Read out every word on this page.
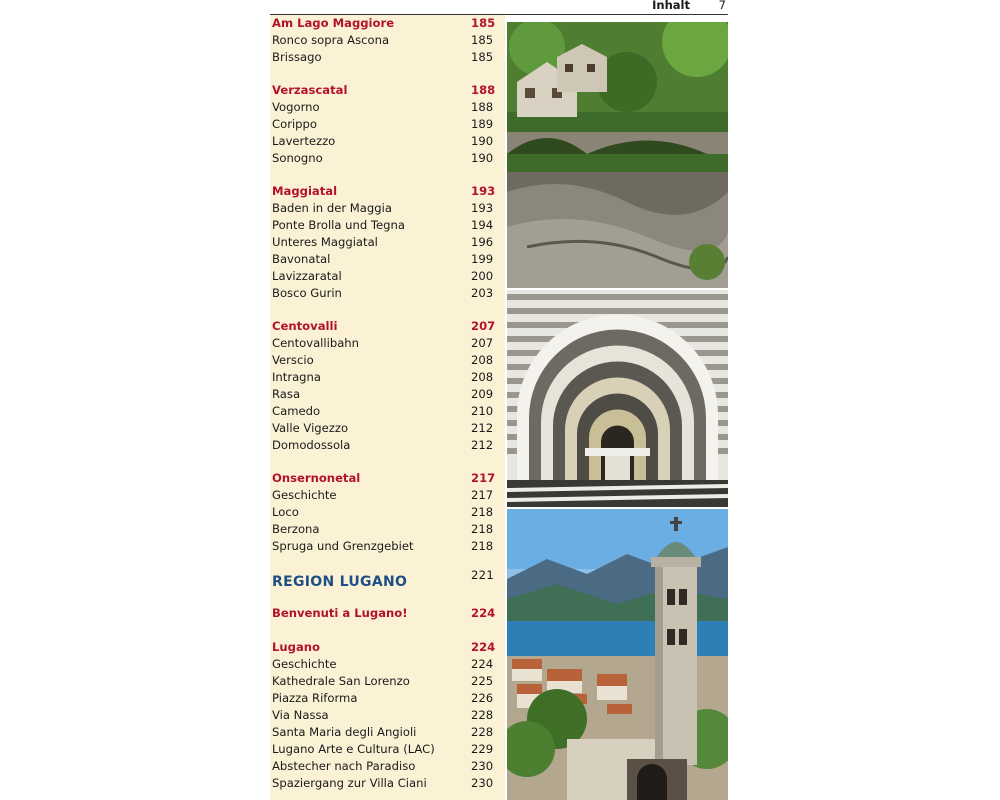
Inhalt 7
Am Lago Maggiore	185
Ronco sopra Ascona	185
Brissago	185
Verzascatal	188
Vogorno	188
Corippo	189
Lavertezzo	190
Sonogno	190
Maggiatal	193
Baden in der Maggia	193
Ponte Brolla und Tegna	194
Unteres Maggiatal	196
Bavonatal	199
Lavizzaratal	200
Bosco Gurin	203
Centovalli	207
Centovallibahn	207
Verscio	208
Intragna	208
Rasa	209
Camedo	210
Valle Vigezzo	212
Domodossola	212
Onsernonetal	217
Geschichte	217
Loco	218
Berzona	218
Spruga und Grenzgebiet	218
REGION LUGANO	221
Benvenuti a Lugano!	224
Lugano	224
Geschichte	224
Kathedrale San Lorenzo	225
Piazza Riforma	226
Via Nassa	228
Santa Maria degli Angioli	228
Lugano Arte e Cultura (LAC)	229
Abstecher nach Paradiso	230
Spaziergang zur Villa Ciani	230
